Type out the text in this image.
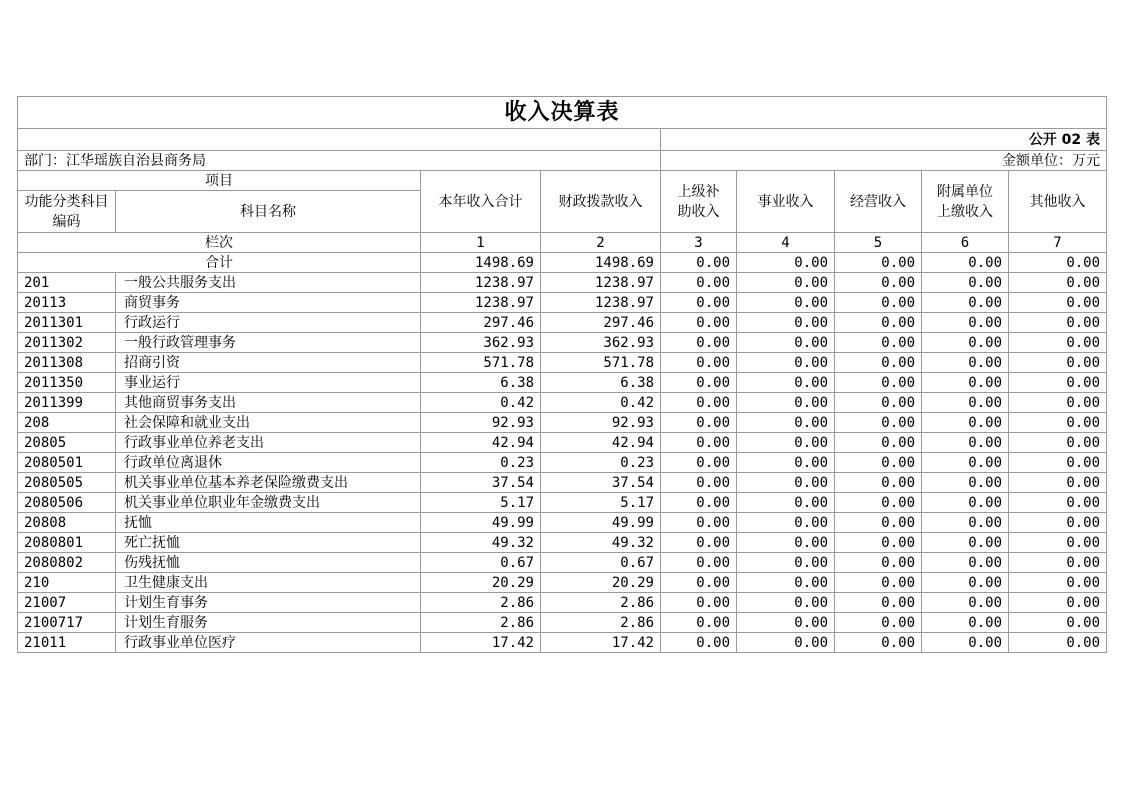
收入决算表								
				公开 02 表				
部门：江华瑶族自治县商务局				金额单位：万元				
项目		本年收入合计	财政拨款收入	上级补助收入	事业收入	经营收入	附属单位上缴收入	其他收入
功能分类科目编码	科目名称							
栏次		1	2	3	4	5	6	7
合计		1498.69	1498.69	0.00	0.00	0.00	0.00	0.00
201	一般公共服务支出	1238.97	1238.97	0.00	0.00	0.00	0.00	0.00
20113	商贸事务	1238.97	1238.97	0.00	0.00	0.00	0.00	0.00
2011301	行政运行	297.46	297.46	0.00	0.00	0.00	0.00	0.00
2011302	一般行政管理事务	362.93	362.93	0.00	0.00	0.00	0.00	0.00
2011308	招商引资	571.78	571.78	0.00	0.00	0.00	0.00	0.00
2011350	事业运行	6.38	6.38	0.00	0.00	0.00	0.00	0.00
2011399	其他商贸事务支出	0.42	0.42	0.00	0.00	0.00	0.00	0.00
208	社会保障和就业支出	92.93	92.93	0.00	0.00	0.00	0.00	0.00
20805	行政事业单位养老支出	42.94	42.94	0.00	0.00	0.00	0.00	0.00
2080501	行政单位离退休	0.23	0.23	0.00	0.00	0.00	0.00	0.00
2080505	机关事业单位基本养老保险缴费支出	37.54	37.54	0.00	0.00	0.00	0.00	0.00
2080506	机关事业单位职业年金缴费支出	5.17	5.17	0.00	0.00	0.00	0.00	0.00
20808	抚恤	49.99	49.99	0.00	0.00	0.00	0.00	0.00
2080801	死亡抚恤	49.32	49.32	0.00	0.00	0.00	0.00	0.00
2080802	伤残抚恤	0.67	0.67	0.00	0.00	0.00	0.00	0.00
210	卫生健康支出	20.29	20.29	0.00	0.00	0.00	0.00	0.00
21007	计划生育事务	2.86	2.86	0.00	0.00	0.00	0.00	0.00
2100717	计划生育服务	2.86	2.86	0.00	0.00	0.00	0.00	0.00
21011	行政事业单位医疗	17.42	17.42	0.00	0.00	0.00	0.00	0.00
